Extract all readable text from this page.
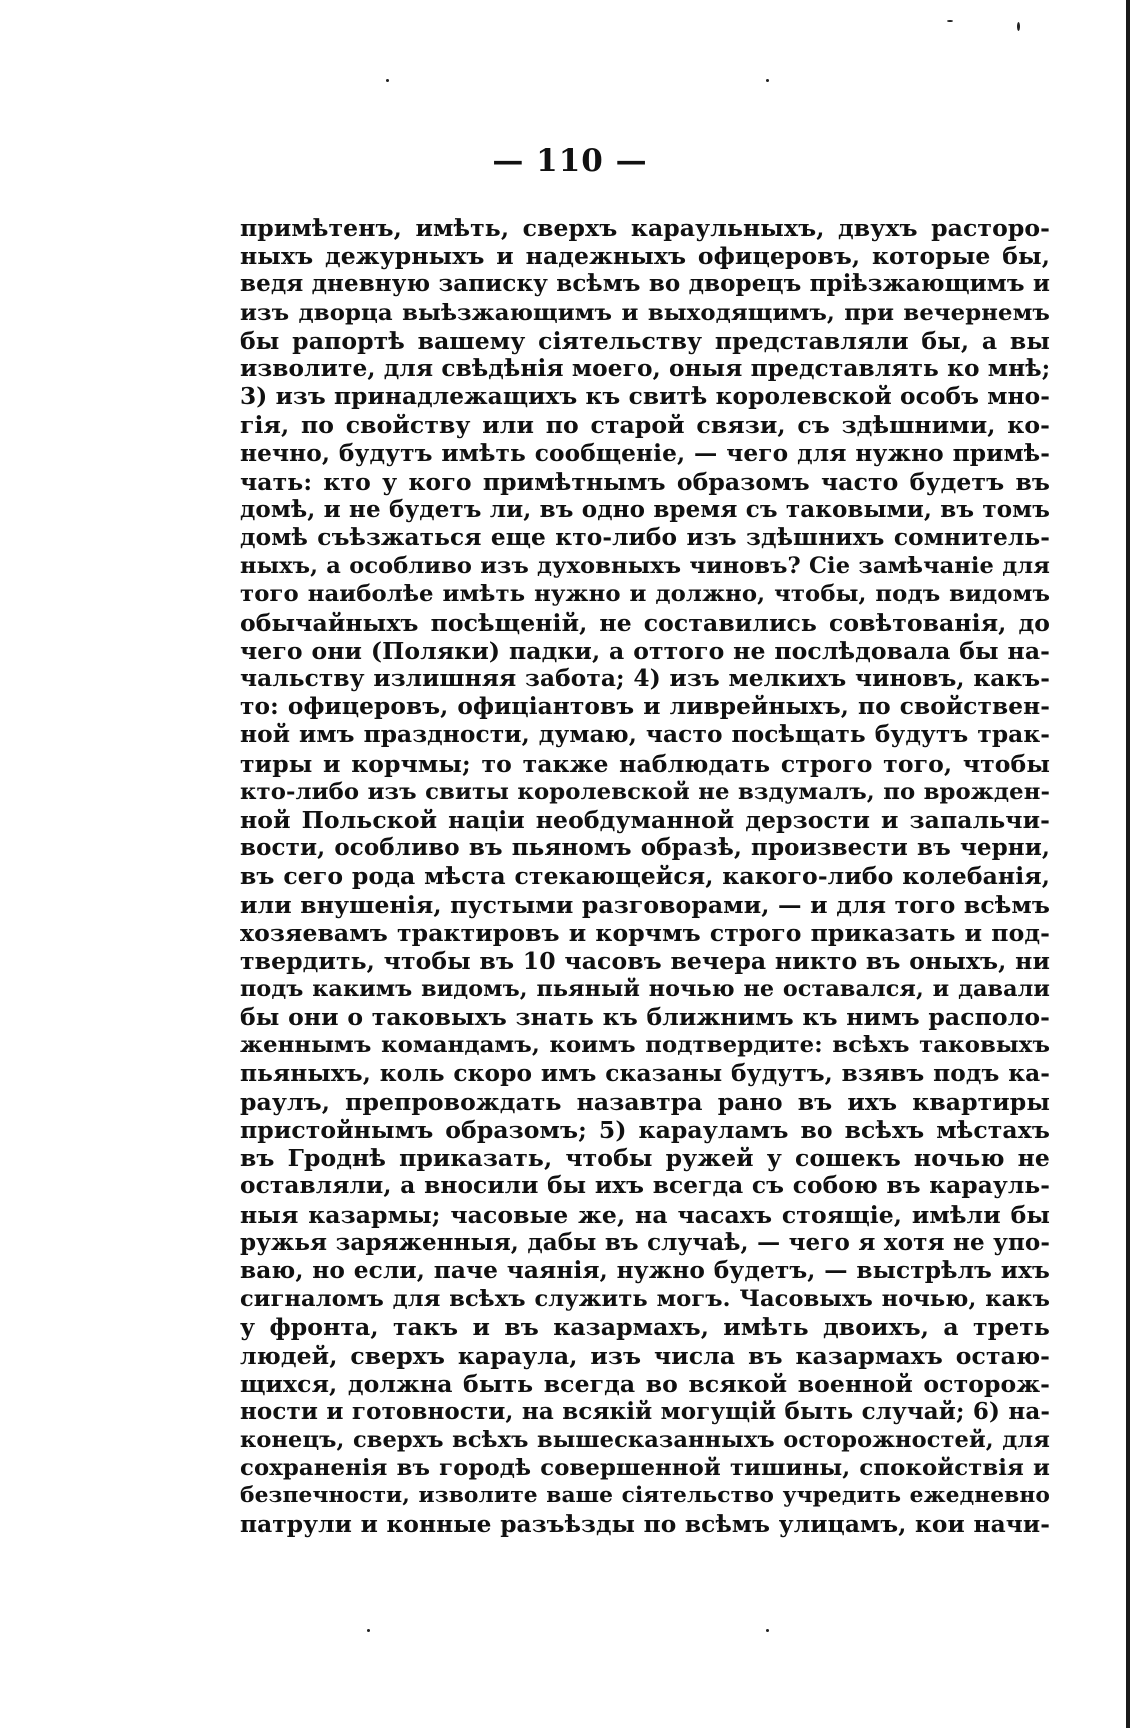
— 110 —
примѣтенъ, имѣть, сверхъ караульныхъ, двухъ расторо-
ныхъ дежурныхъ и надежныхъ офицеровъ, которые бы,
ведя дневную записку всѣмъ во дворецъ пріѣзжающимъ и
изъ дворца выѣзжающимъ и выходящимъ, при вечернемъ
бы рапортѣ вашему сіятельству представляли бы, а вы
изволите, для свѣдѣнія моего, оныя представлять ко мнѣ;
3) изъ принадлежащихъ къ свитѣ королевской особъ мно-
гія, по свойству или по старой связи, съ здѣшними, ко-
нечно, будутъ имѣть сообщеніе, — чего для нужно примѣ-
чать: кто у кого примѣтнымъ образомъ часто будетъ въ
домѣ, и не будетъ ли, въ одно время съ таковыми, въ томъ
домѣ съѣзжаться еще кто-либо изъ здѣшнихъ сомнитель-
ныхъ, а особливо изъ духовныхъ чиновъ? Сіе замѣчаніе для
того наиболѣе имѣть нужно и должно, чтобы, подъ видомъ
обычайныхъ посѣщеній, не составились совѣтованія, до
чего они (Поляки) падки, а оттого не послѣдовала бы на-
чальству излишняя забота; 4) изъ мелкихъ чиновъ, какъ-
то: офицеровъ, офиціантовъ и ливрейныхъ, по свойствен-
ной имъ праздности, думаю, часто посѣщать будутъ трак-
тиры и корчмы; то также наблюдать строго того, чтобы
кто-либо изъ свиты королевской не вздумалъ, по врожден-
ной Польской націи необдуманной дерзости и запальчи-
вости, особливо въ пьяномъ образѣ, произвести въ черни,
въ сего рода мѣста стекающейся, какого-либо колебанія,
или внушенія, пустыми разговорами, — и для того всѣмъ
хозяевамъ трактировъ и корчмъ строго приказать и под-
твердить, чтобы въ 10 часовъ вечера никто въ оныхъ, ни
подъ какимъ видомъ, пьяный ночью не оставался, и давали
бы они о таковыхъ знать къ ближнимъ къ нимъ располо-
женнымъ командамъ, коимъ подтвердите: всѣхъ таковыхъ
пьяныхъ, коль скоро имъ сказаны будутъ, взявъ подъ ка-
раулъ, препровождать назавтра рано въ ихъ квартиры
пристойнымъ образомъ; 5) карауламъ во всѣхъ мѣстахъ
въ Гроднѣ приказать, чтобы ружей у сошекъ ночью не
оставляли, а вносили бы ихъ всегда съ собою въ карауль-
ныя казармы; часовые же, на часахъ стоящіе, имѣли бы
ружья заряженныя, дабы въ случаѣ, — чего я хотя не упо-
ваю, но если, паче чаянія, нужно будетъ, — выстрѣлъ ихъ
сигналомъ для всѣхъ служить могъ. Часовыхъ ночью, какъ
у фронта, такъ и въ казармахъ, имѣть двоихъ, а треть
людей, сверхъ караула, изъ числа въ казармахъ остаю-
щихся, должна быть всегда во всякой военной осторож-
ности и готовности, на всякій могущій быть случай; 6) на-
конецъ, сверхъ всѣхъ вышесказанныхъ осторожностей, для
сохраненія въ городѣ совершенной тишины, спокойствія и
безпечности, изволите ваше сіятельство учредить ежедневно
патрули и конные разъѣзды по всѣмъ улицамъ, кои начи-
